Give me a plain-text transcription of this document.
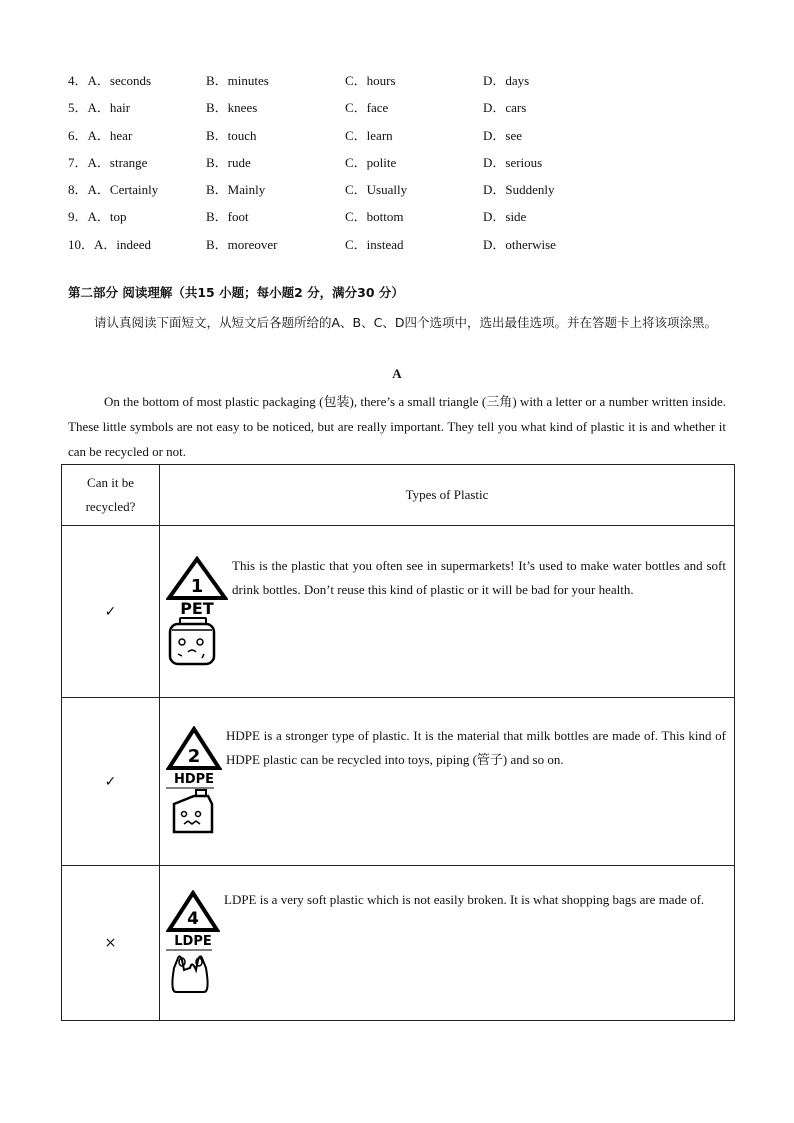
4．A．seconds	B．minutes	C．hours	D．days
5．A．hair	B．knees	C．face	D．cars
6．A．hear	B．touch	C．learn	D．see
7．A．strange	B．rude	C．polite	D．serious
8．A．Certainly	B．Mainly	C．Usually	D．Suddenly
9．A．top	B．foot	C．bottom	D．side
10．A．indeed	B．moreover	C．instead	D．otherwise
第二部分 阅读理解（共15 小题；每小题2 分，满分30 分）
请认真阅读下面短文，从短文后各题所给的A、B、C、D四个选项中，选出最佳选项。并在答题卡上将该项涂黑。
A
On the bottom of most plastic packaging (包装), there’s a small triangle (三角) with a letter or a number written inside. These little symbols are not easy to be noticed, but are really important. They tell you what kind of plastic it is and whether it can be recycled or not.
Can it be recycled?	Types of Plastic
✓	1
PET
This is the plastic that you often see in supermarkets! It’s used to make water bottles and soft drink bottles. Don’t reuse this kind of plastic or it will be bad for your health.

✓	2
HDPE
HDPE is a stronger type of plastic. It is the material that milk bottles are made of. This kind of HDPE plastic can be recycled into toys, piping (管子) and so on.

×	4
LDPE
LDPE is a very soft plastic which is not easily broken. It is what shopping bags are made of.
